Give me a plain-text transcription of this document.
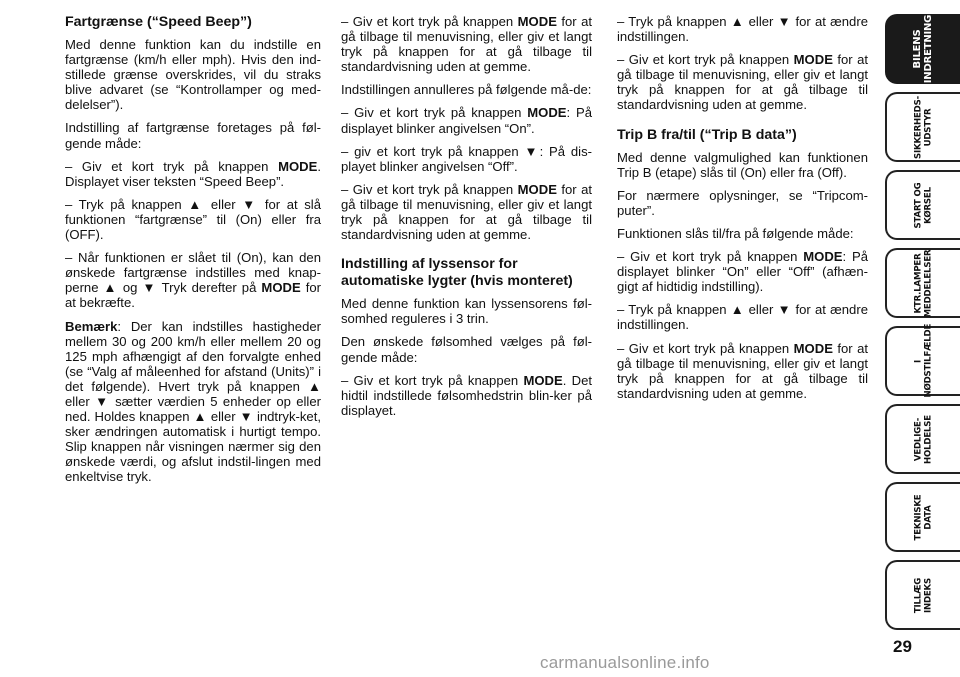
Fartgrænse (“Speed Beep”)

Med denne funktion kan du indstille en fartgrænse (km/h eller mph). Hvis den ind-stillede grænse overskrides, vil du straks blive advaret (se “Kontrollamper og med-delelser”).

Indstilling af fartgrænse foretages på føl-gende måde:

– Giv et kort tryk på knappen MODE. Displayet viser teksten “Speed Beep”.

– Tryk på knappen ▲ eller ▼ for at slå funktionen “fartgrænse” til (On) eller fra (OFF).

– Når funktionen er slået til (On), kan den ønskede fartgrænse indstilles med knap-perne ▲ og ▼ Tryk derefter på MODE for at bekræfte.

Bemærk: Der kan indstilles hastigheder mellem 30 og 200 km/h eller mellem 20 og 125 mph afhængigt af den forvalgte enhed (se “Valg af måleenhed for afstand (Units)” i det følgende). Hvert tryk på knappen ▲ eller ▼ sætter værdien 5 enheder op eller ned. Holdes knappen ▲ eller ▼ indtryk-ket, sker ændringen automatisk i hurtigt tempo. Slip knappen når visningen nærmer sig den ønskede værdi, og afslut indstil-lingen med enkeltvise tryk.

– Giv et kort tryk på knappen MODE for at gå tilbage til menuvisning, eller giv et langt tryk på knappen for at gå tilbage til standardvisning uden at gemme.

Indstillingen annulleres på følgende må-de:

– Giv et kort tryk på knappen MODE: På displayet blinker angivelsen “On”.

– giv et kort tryk på knappen ▼: På dis-playet blinker angivelsen “Off”.

– Giv et kort tryk på knappen MODE for at gå tilbage til menuvisning, eller giv et langt tryk på knappen for at gå tilbage til standardvisning uden at gemme.

Indstilling af lyssensor for automatiske lygter (hvis monteret)

Med denne funktion kan lyssensorens føl-somhed reguleres i 3 trin.

Den ønskede følsomhed vælges på føl-gende måde:

– Giv et kort tryk på knappen MODE. Det hidtil indstillede følsomhedstrin blin-ker på displayet.

– Tryk på knappen ▲ eller ▼ for at ændre indstillingen.

– Giv et kort tryk på knappen MODE for at gå tilbage til menuvisning, eller giv et langt tryk på knappen for at gå tilbage til standardvisning uden at gemme.

Trip B fra/til (“Trip B data”)

Med denne valgmulighed kan funktionen Trip B (etape) slås til (On) eller fra (Off).

For nærmere oplysninger, se “Tripcom-puter”.

Funktionen slås til/fra på følgende måde:

– Giv et kort tryk på knappen MODE: På displayet blinker “On” eller “Off” (afhæn-gigt af hidtidig indstilling).

– Tryk på knappen ▲ eller ▼ for at ændre indstillingen.

– Giv et kort tryk på knappen MODE for at gå tilbage til menuvisning, eller giv et langt tryk på knappen for at gå tilbage til standardvisning uden at gemme.

BILENS
INDRETNING
SIKKERHEDS-
UDSTYR
START OG
KØRSEL
KTR.LAMPER
MEDDELELSER
I
NØDSTILFÆLDE
VEDLIGE-
HOLDELSE
TEKNISKE DATA
TILLÆG
INDEKS
29
carmanualsonline.info
